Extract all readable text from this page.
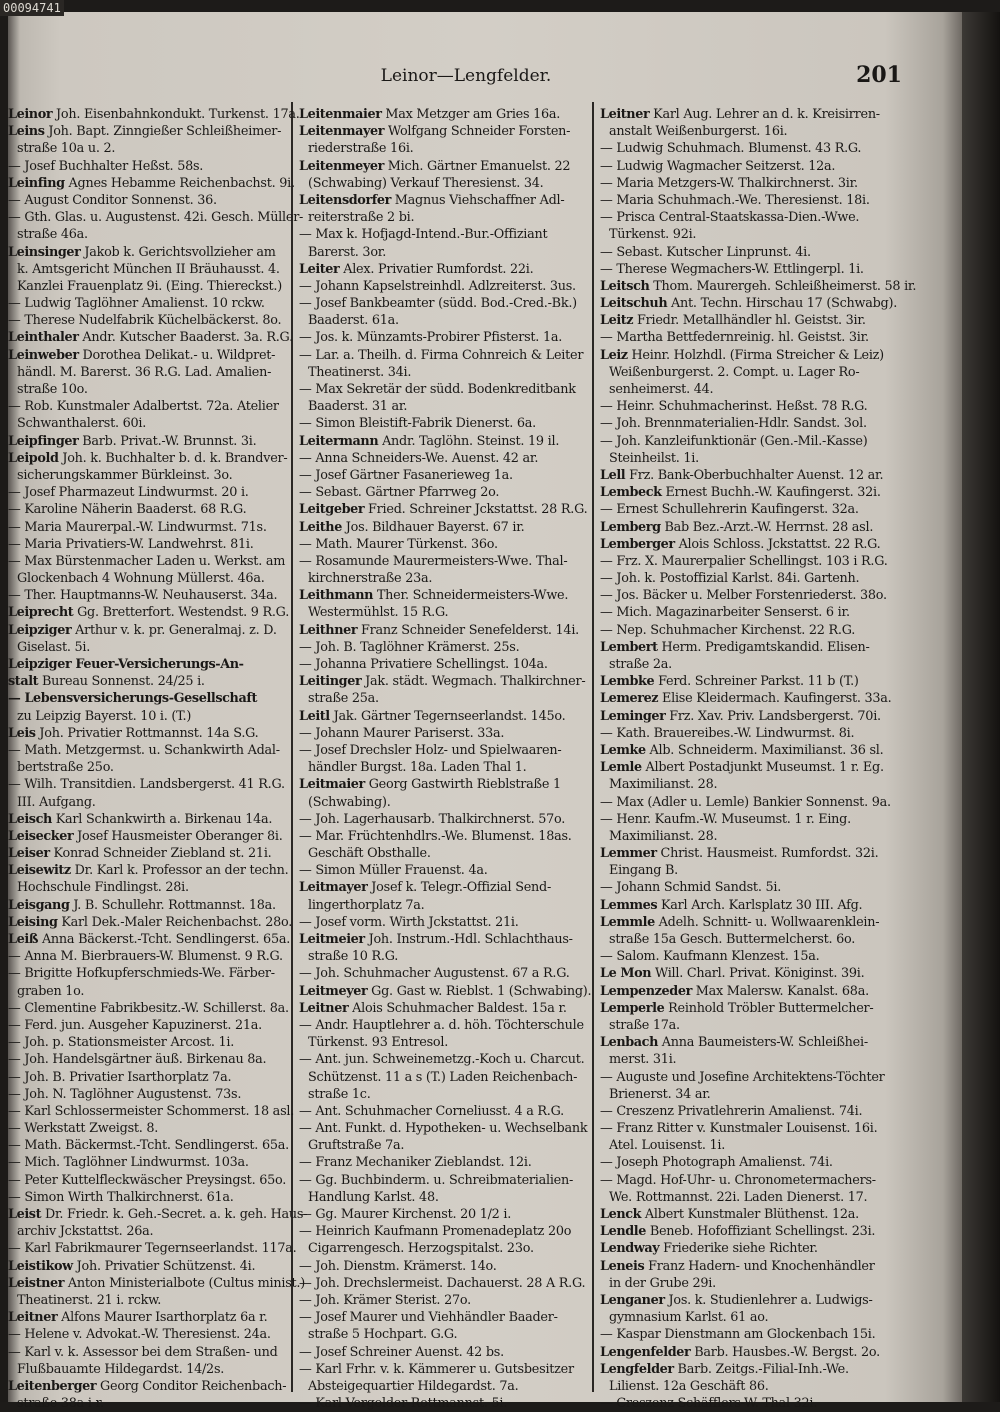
00094741
Leinor—Lengfelder.	201
Leinor Joh. Eisenbahnkondukt. Turkenst. 17a.
Leins Joh. Bapt. Zinngießer Schleißheimer-
straße 10a u. 2.
— Josef Buchhalter Heßst. 58s.
Leinfing Agnes Hebamme Reichenbachst. 9i.
— August Conditor Sonnenst. 36.
— Gth. Glas. u. Augustenst. 42i. Gesch. Müller-
straße 46a.
Leinsinger Jakob k. Gerichtsvollzieher am
k. Amtsgericht München II Bräuhausst. 4.
Kanzlei Frauenplatz 9i. (Eing. Thiereckst.)
— Ludwig Taglöhner Amalienst. 10 rckw.
— Therese Nudelfabrik Küchelbäckerst. 8o.
Leinthaler Andr. Kutscher Baaderst. 3a. R.G.
Leinweber Dorothea Delikat.- u. Wildpret-
händl. M. Barerst. 36 R.G. Lad. Amalien-
straße 10o.
— Rob. Kunstmaler Adalbertst. 72a. Atelier
Schwanthalerst. 60i.
Leipfinger Barb. Privat.-W. Brunnst. 3i.
Leipold Joh. k. Buchhalter b. d. k. Brandver-
sicherungskammer Bürkleinst. 3o.
— Josef Pharmazeut Lindwurmst. 20 i.
— Karoline Näherin Baaderst. 68 R.G.
— Maria Maurerpal.-W. Lindwurmst. 71s.
— Maria Privatiers-W. Landwehrst. 81i.
— Max Bürstenmacher Laden u. Werkst. am
Glockenbach 4 Wohnung Müllerst. 46a.
— Ther. Hauptmanns-W. Neuhauserst. 34a.
Leiprecht Gg. Bretterfort. Westendst. 9 R.G.
Leipziger Arthur v. k. pr. Generalmaj. z. D.
Giselast. 5i.
Leipziger Feuer-Versicherungs-An-
stalt Bureau Sonnenst. 24/25 i.
— Lebensversicherungs-Gesellschaft
zu Leipzig Bayerst. 10 i. (T.)
Leis Joh. Privatier Rottmannst. 14a S.G.
— Math. Metzgermst. u. Schankwirth Adal-
bertstraße 25o.
— Wilh. Transitdien. Landsbergerst. 41 R.G.
III. Aufgang.
Leisch Karl Schankwirth a. Birkenau 14a.
Leisecker Josef Hausmeister Oberanger 8i.
Leiser Konrad Schneider Ziebland st. 21i.
Leisewitz Dr. Karl k. Professor an der techn.
Hochschule Findlingst. 28i.
Leisgang J. B. Schullehr. Rottmannst. 18a.
Leising Karl Dek.-Maler Reichenbachst. 28o.
Leiß Anna Bäckerst.-Tcht. Sendlingerst. 65a.
— Anna M. Bierbrauers-W. Blumenst. 9 R.G.
— Brigitte Hofkupferschmieds-We. Färber-
graben 1o.
— Clementine Fabrikbesitz.-W. Schillerst. 8a.
— Ferd. jun. Ausgeher Kapuzinerst. 21a.
— Joh. p. Stationsmeister Arcost. 1i.
— Joh. Handelsgärtner äuß. Birkenau 8a.
— Joh. B. Privatier Isarthorplatz 7a.
— Joh. N. Taglöhner Augustenst. 73s.
— Karl Schlossermeister Schommerst. 18 asl.
— Werkstatt Zweigst. 8.
— Math. Bäckermst.-Tcht. Sendlingerst. 65a.
— Mich. Taglöhner Lindwurmst. 103a.
— Peter Kuttelfleckwäscher Preysingst. 65o.
— Simon Wirth Thalkirchnerst. 61a.
Leist Dr. Friedr. k. Geh.-Secret. a. k. geh. Haus-
archiv Jckstattst. 26a.
— Karl Fabrikmaurer Tegernseerlandst. 117a.
Leistikow Joh. Privatier Schützenst. 4i.
Leistner Anton Ministerialbote (Cultus minist.)
Theatinerst. 21 i. rckw.
Leitner Alfons Maurer Isarthorplatz 6a r.
— Helene v. Advokat.-W. Theresienst. 24a.
— Karl v. k. Assessor bei dem Straßen- und
Flußbauamte Hildegardst. 14/2s.
Leitenberger Georg Conditor Reichenbach-
straße 38a i r.
Leitenmaier Max Metzger am Gries 16a.
Leitenmayer Wolfgang Schneider Forsten-
riederstraße 16i.
Leitenmeyer Mich. Gärtner Emanuelst. 22
(Schwabing) Verkauf Theresienst. 34.
Leitensdorfer Magnus Viehschaffner Adl-
reiterstraße 2 bi.
— Max k. Hofjagd-Intend.-Bur.-Offiziant
Barerst. 3or.
Leiter Alex. Privatier Rumfordst. 22i.
— Johann Kapselstreinhdl. Adlzreiterst. 3us.
— Josef Bankbeamter (südd. Bod.-Cred.-Bk.)
Baaderst. 61a.
— Jos. k. Münzamts-Probirer Pfisterst. 1a.
— Lar. a. Theilh. d. Firma Cohnreich & Leiter
Theatinerst. 34i.
— Max Sekretär der südd. Bodenkreditbank
Baaderst. 31 ar.
— Simon Bleistift-Fabrik Dienerst. 6a.
Leitermann Andr. Taglöhn. Steinst. 19 il.
— Anna Schneiders-We. Auenst. 42 ar.
— Josef Gärtner Fasanerieweg 1a.
— Sebast. Gärtner Pfarrweg 2o.
Leitgeber Fried. Schreiner Jckstattst. 28 R.G.
Leithe Jos. Bildhauer Bayerst. 67 ir.
— Math. Maurer Türkenst. 36o.
— Rosamunde Maurermeisters-Wwe. Thal-
kirchnerstraße 23a.
Leithmann Ther. Schneidermeisters-Wwe.
Westermühlst. 15 R.G.
Leithner Franz Schneider Senefelderst. 14i.
— Joh. B. Taglöhner Krämerst. 25s.
— Johanna Privatiere Schellingst. 104a.
Leitinger Jak. städt. Wegmach. Thalkirchner-
straße 25a.
Leitl Jak. Gärtner Tegernseerlandst. 145o.
— Johann Maurer Pariserst. 33a.
— Josef Drechsler Holz- und Spielwaaren-
händler Burgst. 18a. Laden Thal 1.
Leitmaier Georg Gastwirth Rieblstraße 1
(Schwabing).
— Joh. Lagerhausarb. Thalkirchnerst. 57o.
— Mar. Früchtenhdlrs.-We. Blumenst. 18as.
Geschäft Obsthalle.
— Simon Müller Frauenst. 4a.
Leitmayer Josef k. Telegr.-Offizial Send-
lingerthorplatz 7a.
— Josef vorm. Wirth Jckstattst. 21i.
Leitmeier Joh. Instrum.-Hdl. Schlachthaus-
straße 10 R.G.
— Joh. Schuhmacher Augustenst. 67 a R.G.
Leitmeyer Gg. Gast w. Rieblst. 1 (Schwabing).
Leitner Alois Schuhmacher Baldest. 15a r.
— Andr. Hauptlehrer a. d. höh. Töchterschule
Türkenst. 93 Entresol.
— Ant. jun. Schweinemetzg.-Koch u. Charcut.
Schützenst. 11 a s (T.) Laden Reichenbach-
straße 1c.
— Ant. Schuhmacher Corneliusst. 4 a R.G.
— Ant. Funkt. d. Hypotheken- u. Wechselbank
Gruftstraße 7a.
— Franz Mechaniker Zieblandst. 12i.
— Gg. Buchbinderm. u. Schreibmaterialien-
Handlung Karlst. 48.
— Gg. Maurer Kirchenst. 20 1/2 i.
— Heinrich Kaufmann Promenadeplatz 20o
Cigarrengesch. Herzogspitalst. 23o.
— Joh. Dienstm. Krämerst. 14o.
— Joh. Drechslermeist. Dachauerst. 28 A R.G.
— Joh. Krämer Sterist. 27o.
— Josef Maurer und Viehhändler Baader-
straße 5 Hochpart. G.G.
— Josef Schreiner Auenst. 42 bs.
— Karl Frhr. v. k. Kämmerer u. Gutsbesitzer
Absteigequartier Hildegardst. 7a.
— Karl Vergolder Rottmannst. 5i.
Leitner Karl Aug. Lehrer an d. k. Kreisirren-
anstalt Weißenburgerst. 16i.
— Ludwig Schuhmach. Blumenst. 43 R.G.
— Ludwig Wagmacher Seitzerst. 12a.
— Maria Metzgers-W. Thalkirchnerst. 3ir.
— Maria Schuhmach.-We. Theresienst. 18i.
— Prisca Central-Staatskassa-Dien.-Wwe.
Türkenst. 92i.
— Sebast. Kutscher Linprunst. 4i.
— Therese Wegmachers-W. Ettlingerpl. 1i.
Leitsch Thom. Maurergeh. Schleißheimerst. 58 ir.
Leitschuh Ant. Techn. Hirschau 17 (Schwabg).
Leitz Friedr. Metallhändler hl. Geistst. 3ir.
— Martha Bettfedernreinig. hl. Geistst. 3ir.
Leiz Heinr. Holzhdl. (Firma Streicher & Leiz)
Weißenburgerst. 2. Compt. u. Lager Ro-
senheimerst. 44.
— Heinr. Schuhmacherinst. Heßst. 78 R.G.
— Joh. Brennmaterialien-Hdlr. Sandst. 3ol.
— Joh. Kanzleifunktionär (Gen.-Mil.-Kasse)
Steinheilst. 1i.
Lell Frz. Bank-Oberbuchhalter Auenst. 12 ar.
Lembeck Ernest Buchh.-W. Kaufingerst. 32i.
— Ernest Schullehrerin Kaufingerst. 32a.
Lemberg Bab Bez.-Arzt.-W. Herrnst. 28 asl.
Lemberger Alois Schloss. Jckstattst. 22 R.G.
— Frz. X. Maurerpalier Schellingst. 103 i R.G.
— Joh. k. Postoffizial Karlst. 84i. Gartenh.
— Jos. Bäcker u. Melber Forstenriederst. 38o.
— Mich. Magazinarbeiter Senserst. 6 ir.
— Nep. Schuhmacher Kirchenst. 22 R.G.
Lembert Herm. Predigamtskandid. Elisen-
straße 2a.
Lembke Ferd. Schreiner Parkst. 11 b (T.)
Lemerez Elise Kleidermach. Kaufingerst. 33a.
Leminger Frz. Xav. Priv. Landsbergerst. 70i.
— Kath. Brauereibes.-W. Lindwurmst. 8i.
Lemke Alb. Schneiderm. Maximilianst. 36 sl.
Lemle Albert Postadjunkt Museumst. 1 r. Eg.
Maximilianst. 28.
— Max (Adler u. Lemle) Bankier Sonnenst. 9a.
— Henr. Kaufm.-W. Museumst. 1 r. Eing.
Maximilianst. 28.
Lemmer Christ. Hausmeist. Rumfordst. 32i.
Eingang B.
— Johann Schmid Sandst. 5i.
Lemmes Karl Arch. Karlsplatz 30 III. Afg.
Lemmle Adelh. Schnitt- u. Wollwaarenklein-
straße 15a Gesch. Buttermelcherst. 6o.
— Salom. Kaufmann Klenzest. 15a.
Le Mon Will. Charl. Privat. Königinst. 39i.
Lempenzeder Max Malersw. Kanalst. 68a.
Lemperle Reinhold Tröbler Buttermelcher-
straße 17a.
Lenbach Anna Baumeisters-W. Schleißhei-
merst. 31i.
— Auguste und Josefine Architektens-Töchter
Brienerst. 34 ar.
— Creszenz Privatlehrerin Amalienst. 74i.
— Franz Ritter v. Kunstmaler Louisenst. 16i.
Atel. Louisenst. 1i.
— Joseph Photograph Amalienst. 74i.
— Magd. Hof-Uhr- u. Chronometermachers-
We. Rottmannst. 22i. Laden Dienerst. 17.
Lenck Albert Kunstmaler Blüthenst. 12a.
Lendle Beneb. Hofoffiziant Schellingst. 23i.
Lendway Friederike siehe Richter.
Leneis Franz Hadern- und Knochenhändler
in der Grube 29i.
Lenganer Jos. k. Studienlehrer a. Ludwigs-
gymnasium Karlst. 61 ao.
— Kaspar Dienstmann am Glockenbach 15i.
Lengenfelder Barb. Hausbes.-W. Bergst. 2o.
Lengfelder Barb. Zeitgs.-Filial-Inh.-We.
Lilienst. 12a Geschäft 86.
— Creszenz Schäfflers-W. Thal 32i.
